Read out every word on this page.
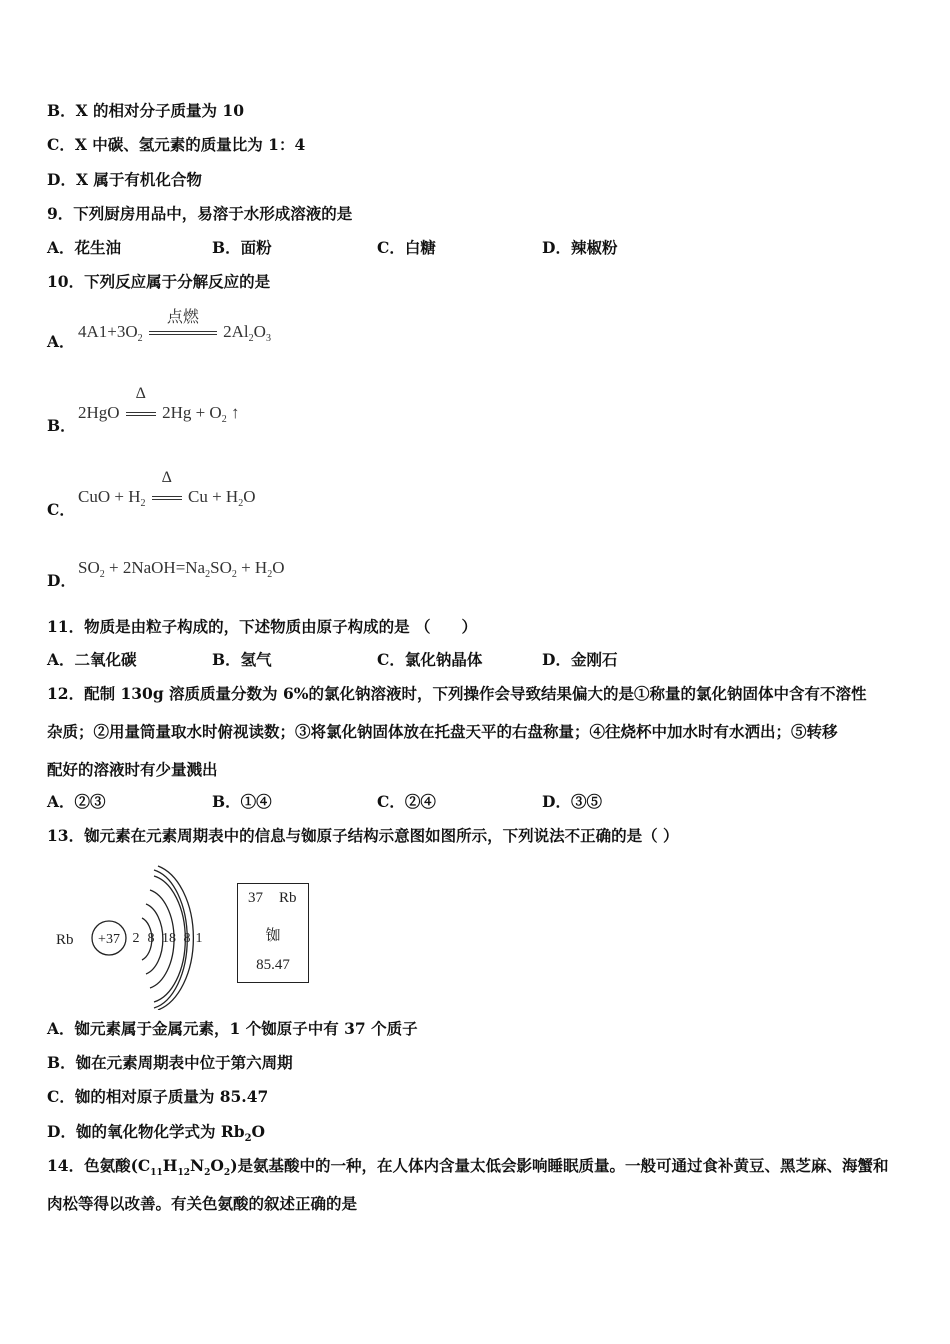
B．X 的相对分子质量为 10
C．X 中碳、氢元素的质量比为 1：4
D．X 属于有机化合物
9．下列厨房用品中，易溶于水形成溶液的是
A．花生油	B．面粉	C．白糖	D．辣椒粉
10．下列反应属于分解反应的是
A．
$4A1+3O_2$
点燃
$2Al_2O_3$
B．
2HgO
Δ
$2Hg + O_2$ ↑
C．
CuO + $H_2$
Δ
$Cu + H_2O$
D．
$SO_2$ + $2NaOH=Na_2SO_2 + H_2O$
11．物质是由粒子构成的，下述物质由原子构成的是 （　　）
A．二氧化碳	B．氢气	C．氯化钠晶体	D．金刚石
12．配制 130g 溶质质量分数为 6%的氯化钠溶液时，下列操作会导致结果偏大的是①称量的氯化钠固体中含有不溶性
杂质；②用量筒量取水时俯视读数；③将氯化钠固体放在托盘天平的右盘称量；④往烧杯中加水时有水洒出；⑤转移
配好的溶液时有少量溅出
A．②③	B．①④	C．②④	D．③⑤
13．铷元素在元素周期表中的信息与铷原子结构示意图如图所示，下列说法不正确的是（ ）
Rb +37 2 8 18 8 1
37 Rb
铷
85.47
A．铷元素属于金属元素，1 个铷原子中有 37 个质子
B．铷在元素周期表中位于第六周期
C．铷的相对原子质量为 85.47
D．铷的氧化物化学式为 $Rb_2O$
14．色氨酸$(C_{11}H_{12}N_2O_2)$是氨基酸中的一种，在人体内含量太低会影响睡眠质量。一般可通过食补黄豆、黑芝麻、海蟹和
肉松等得以改善。有关色氨酸的叙述正确的是
